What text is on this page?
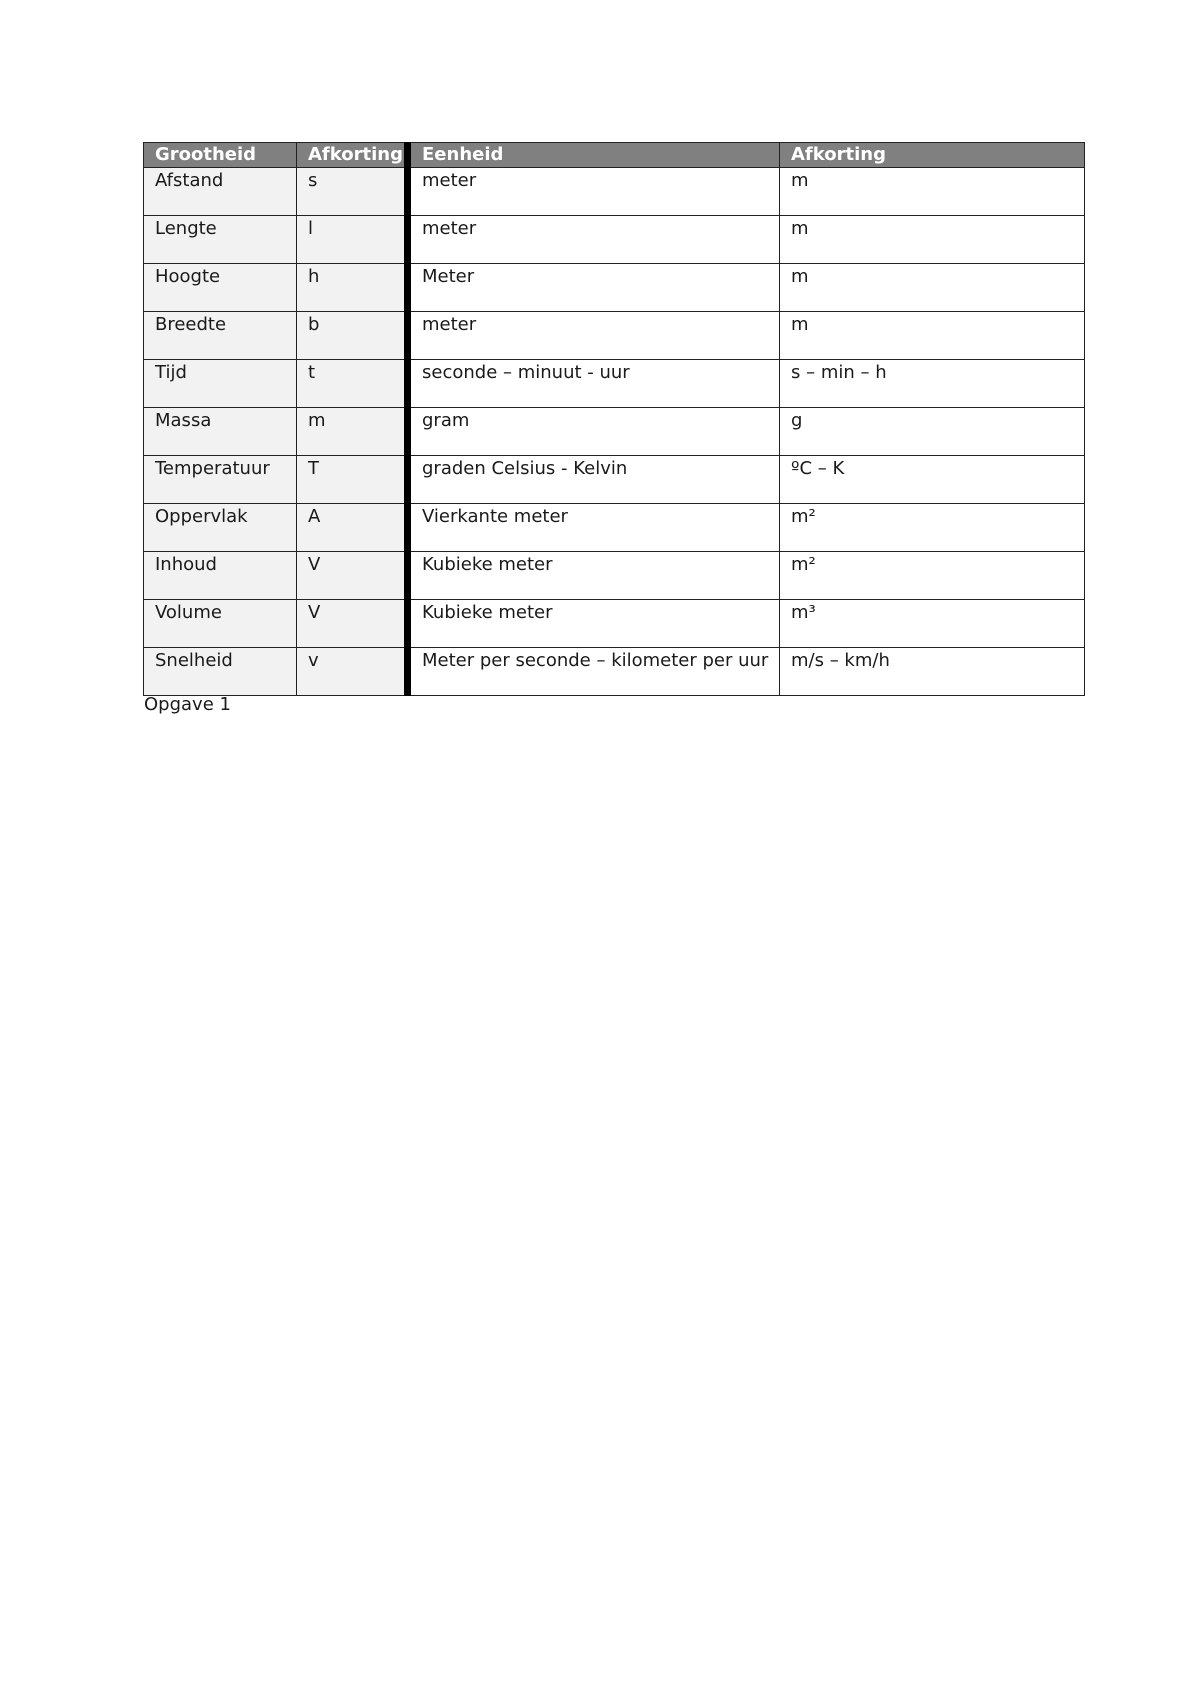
Grootheid	Afkorting	Eenheid	Afkorting
Afstand	s	meter	m
Lengte	l	meter	m
Hoogte	h	Meter	m
Breedte	b	meter	m
Tijd	t	seconde – minuut - uur	s – min – h
Massa	m	gram	g
Temperatuur	T	graden Celsius - Kelvin	ºC – K
Oppervlak	A	Vierkante meter	m²
Inhoud	V	Kubieke meter	m²
Volume	V	Kubieke meter	m³
Snelheid	v	Meter per seconde – kilometer per uur	m/s – km/h
Opgave 1
